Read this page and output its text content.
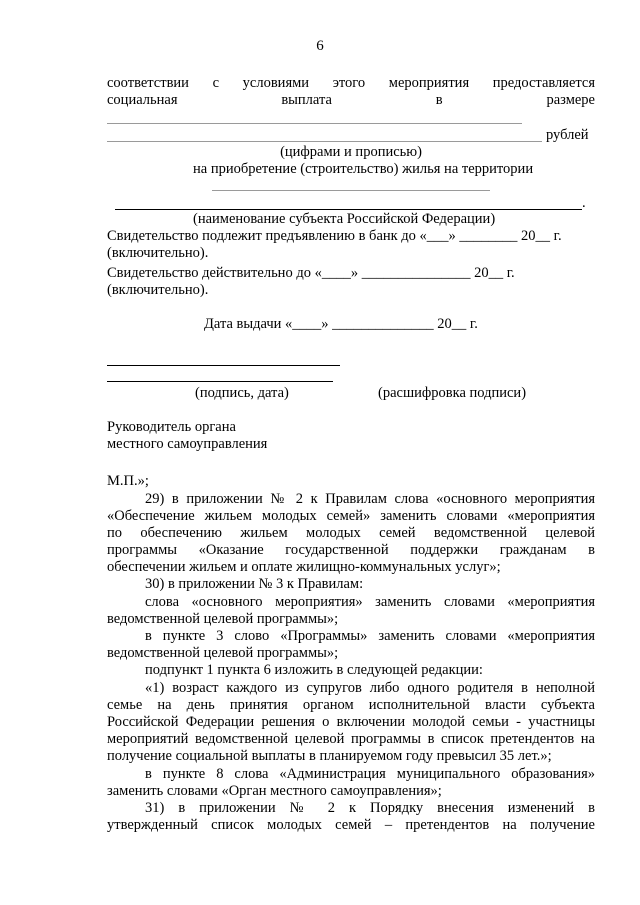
6
соответствии с условиями этого мероприятия предоставляется
социальная выплата в размере
рублей
(цифрами и прописью)
на приобретение (строительство) жилья на территории
.
(наименование субъекта Российской Федерации)
Свидетельство подлежит предъявлению в банк до «___» ________ 20__ г.
(включительно).
Свидетельство действительно до «____» _______________ 20__ г.
(включительно).
Дата выдачи «____» ______________ 20__ г.
(подпись, дата)	(расшифровка подписи)
Руководитель органа
местного самоуправления
М.П.»;
29) в приложении № 2 к Правилам слова «основного мероприятия
«Обеспечение жильем молодых семей» заменить словами «мероприятия
по обеспечению жильем молодых семей ведомственной целевой
программы «Оказание государственной поддержки гражданам в
обеспечении жильем и оплате жилищно-коммунальных услуг»;
30) в приложении № 3 к Правилам:
слова «основного мероприятия» заменить словами «мероприятия
ведомственной целевой программы»;
в пункте 3 слово «Программы» заменить словами «мероприятия
ведомственной целевой программы»;
подпункт 1 пункта 6 изложить в следующей редакции:
«1) возраст каждого из супругов либо одного родителя в неполной
семье на день принятия органом исполнительной власти субъекта
Российской Федерации решения о включении молодой семьи - участницы
мероприятий ведомственной целевой программы в список претендентов на
получение социальной выплаты в планируемом году превысил 35 лет.»;
в пункте 8 слова «Администрация муниципального образования»
заменить словами «Орган местного самоуправления»;
31) в приложении № 2 к Порядку внесения изменений в
утвержденный список молодых семей – претендентов на получение
